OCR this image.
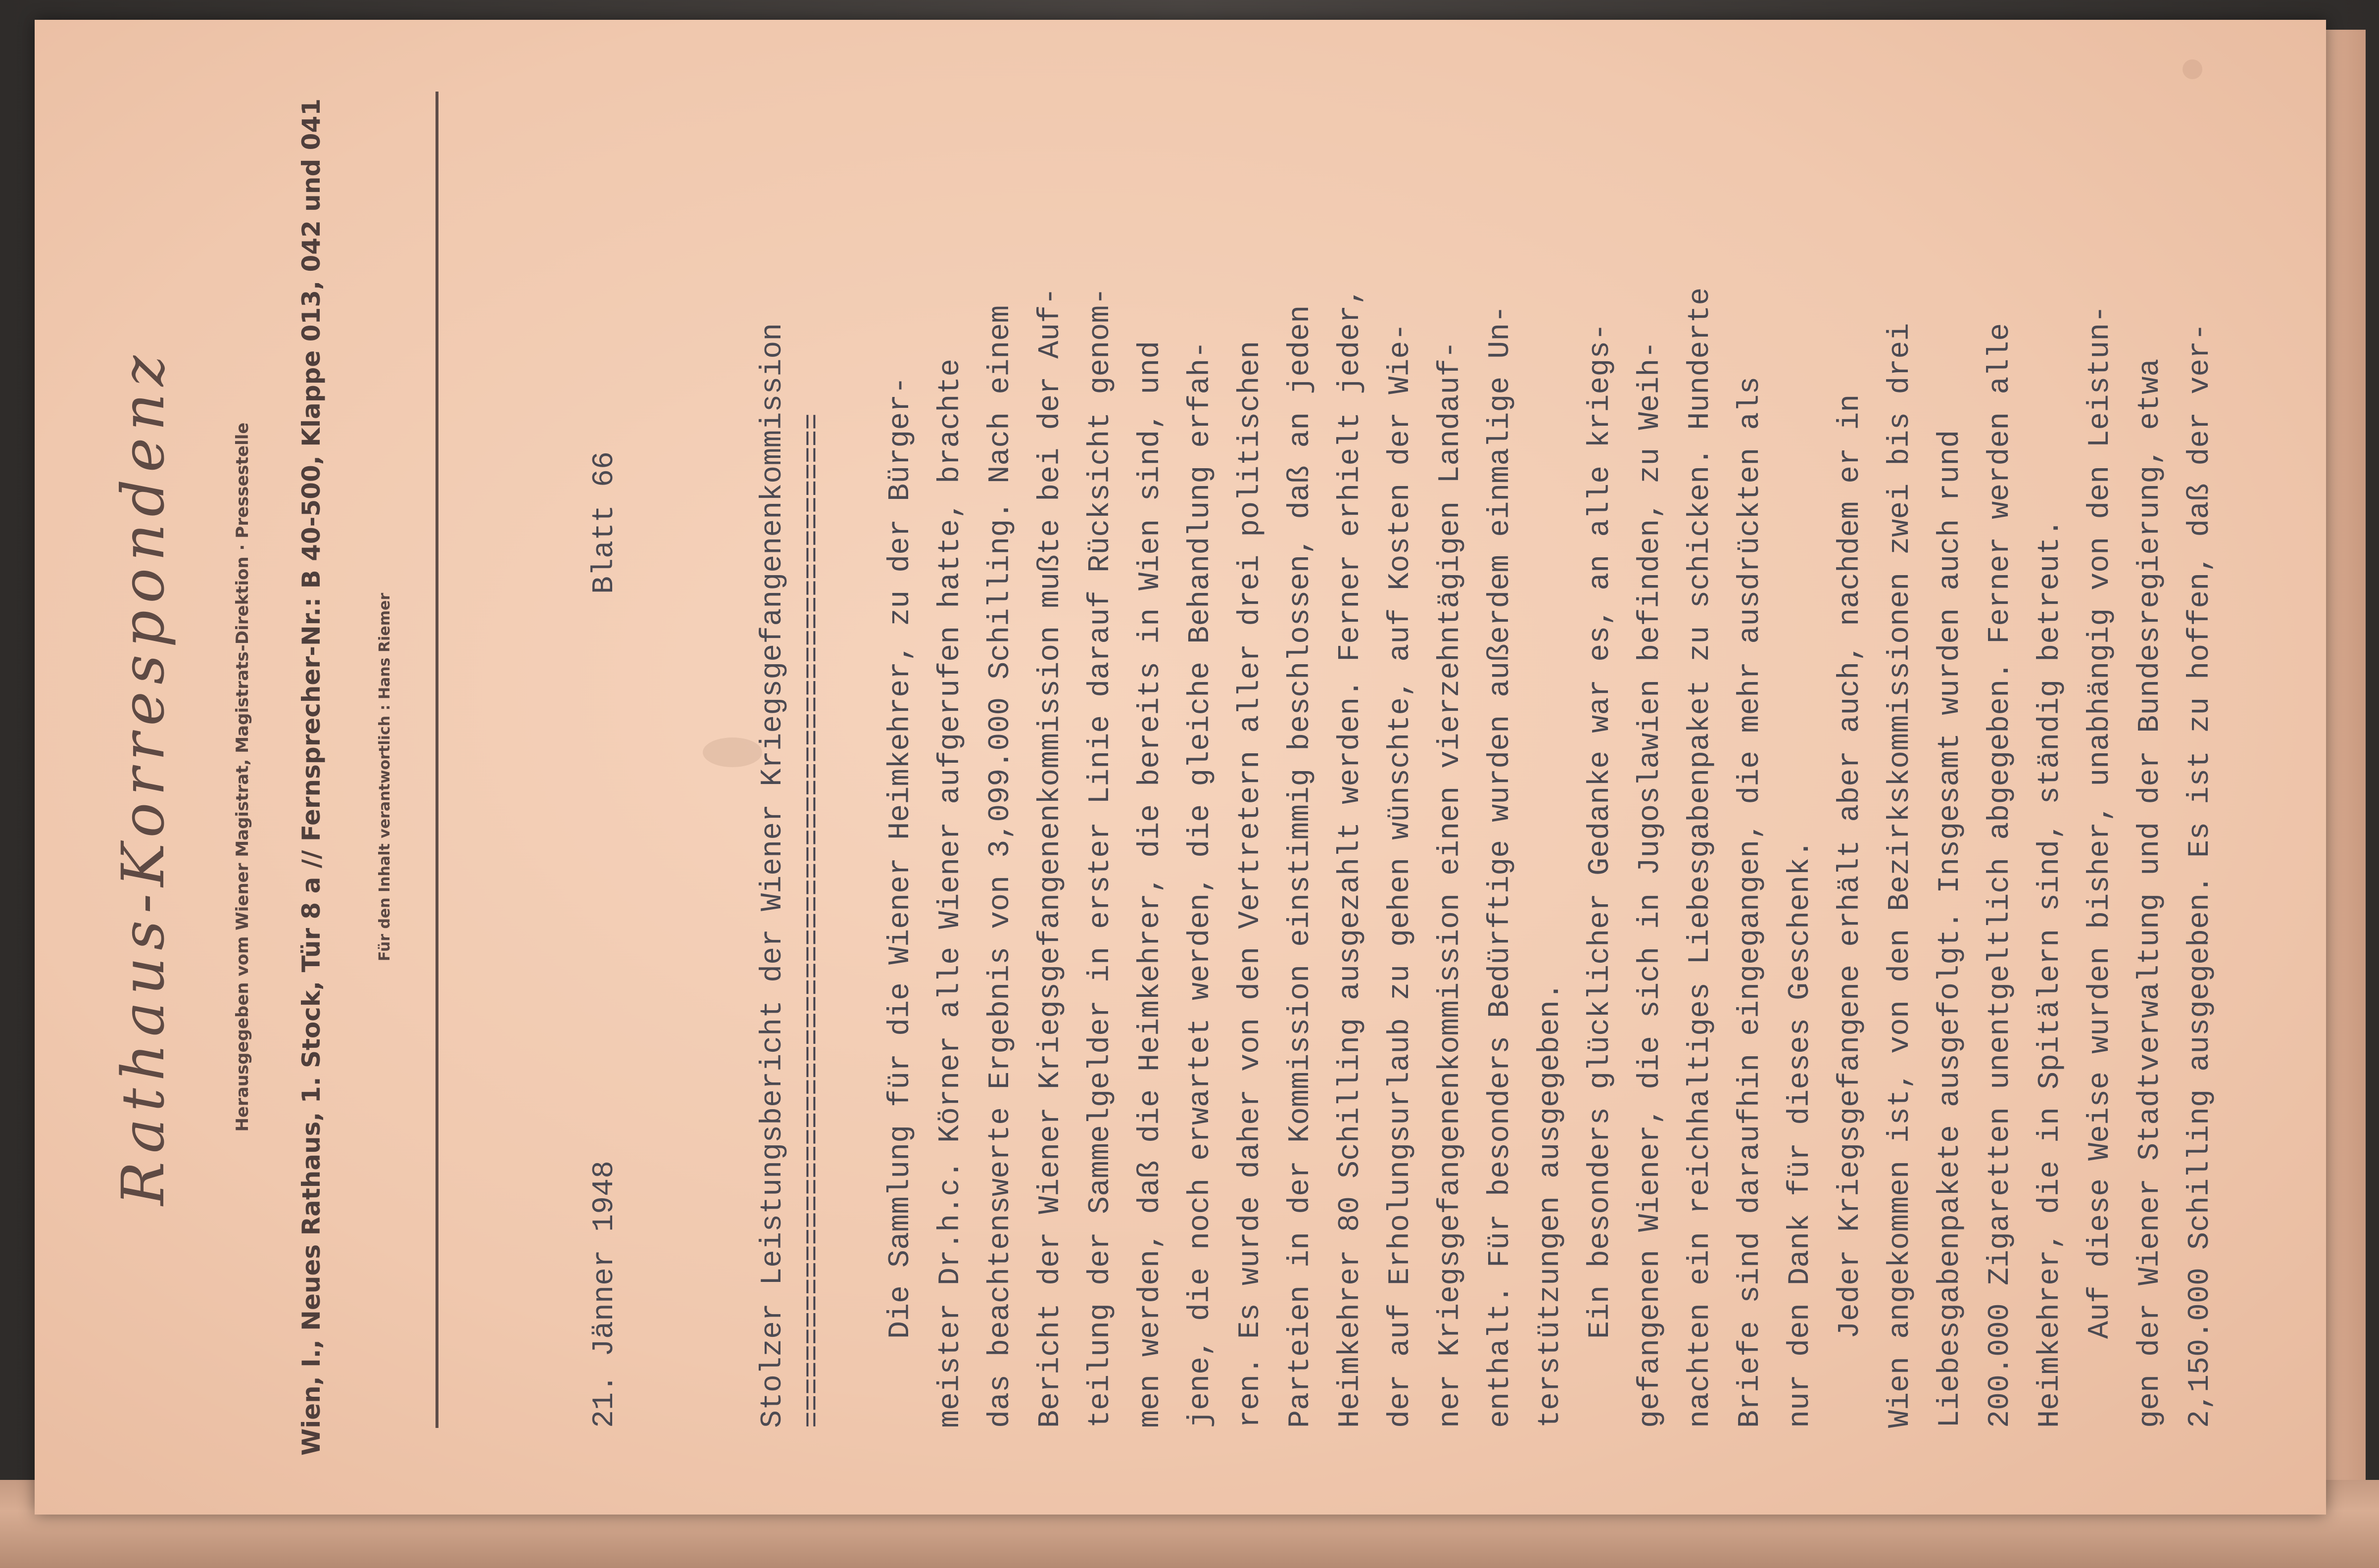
Rathaus-Korrespondenz	Herausgegeben vom Wiener Magistrat, Magistrats-Direktion · Pressestelle Wien, I., Neues Rathaus, 1. Stock, Tür 8 a // Fernsprecher-Nr.: B 40-500, Klappe 013, 042 und 041	Für den Inhalt verantwortlich : Hans Riemer

21. Jänner 1948

Blatt 66

	Stolzer Leistungsbericht der Wiener Kriegsgefangenenkommission ============================================================= Die Sammlung für die Wiener Heimkehrer, zu der Bürger- meister Dr.h.c. Körner alle Wiener aufgerufen hatte, brachte das beachtenswerte Ergebnis von 3,099.000 Schilling. Nach einem Bericht der Wiener Kriegsgefangenenkommission mußte bei der Auf- teilung der Sammelgelder in erster Linie darauf Rücksicht genom- men werden, daß die Heimkehrer, die bereits in Wien sind, und jene, die noch erwartet werden, die gleiche Behandlung erfah- ren. Es wurde daher von den Vertretern aller drei politischen Parteien in der Kommission einstimmig beschlossen, daß an jeden Heimkehrer 80 Schilling ausgezahlt werden. Ferner erhielt jeder, der auf Erholungsurlaub zu gehen wünschte, auf Kosten der Wie- ner Kriegsgefangenenkommission einen vierzehntägigen Landauf- enthalt. Für besonders Bedürftige wurden außerdem einmalige Un- terstützungen ausgegeben. Ein besonders glücklicher Gedanke war es, an alle kriegs- gefangenen Wiener, die sich in Jugoslawien befinden, zu Weih- nachten ein reichhaltiges Liebesgabenpaket zu schicken. Hunderte Briefe sind daraufhin eingegangen, die mehr ausdrückten als nur den Dank für dieses Geschenk. Jeder Kriegsgefangene erhält aber auch, nachdem er in Wien angekommen ist, von den Bezirkskommissionen zwei bis drei Liebesgabenpakete ausgefolgt. Insgesamt wurden auch rund 200.000 Zigaretten unentgeltlich abgegeben. Ferner werden alle Heimkehrer, die in Spitälern sind, ständig betreut. Auf diese Weise wurden bisher, unabhängig von den Leistun- gen der Wiener Stadtverwaltung und der Bundesregierung, etwa 2,150.000 Schilling ausgegeben. Es ist zu hoffen, daß der ver-
